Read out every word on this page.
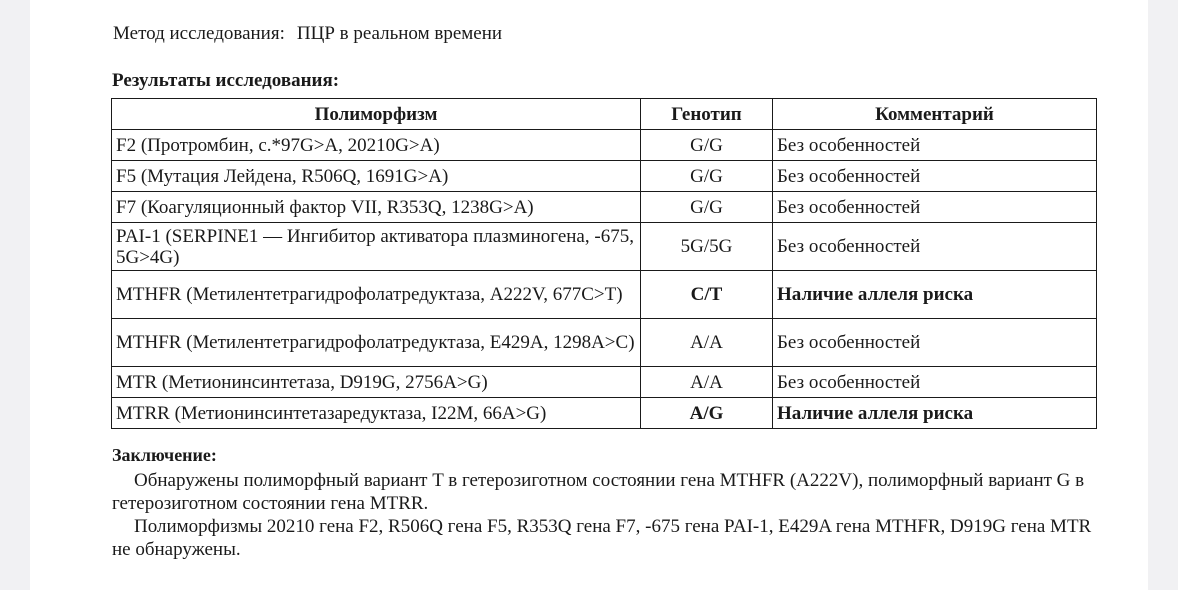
Метод исследования: ПЦР в реальном времени
Результаты исследования:
Полиморфизм	Генотип	Комментарий
F2 (Протромбин, c.*97G>A, 20210G>A)	G/G	Без особенностей
F5 (Мутация Лейдена, R506Q, 1691G>A)	G/G	Без особенностей
F7 (Коагуляционный фактор VII, R353Q, 1238G>A)	G/G	Без особенностей
PAI-1 (SERPINE1 — Ингибитор активатора плазминогена, -675, 5G>4G)	5G/5G	Без особенностей
MTHFR (Метилентетрагидрофолатредуктаза, A222V, 677C>T)	C/T	Наличие аллеля риска
MTHFR (Метилентетрагидрофолатредуктаза, E429A, 1298A>C)	A/A	Без особенностей
MTR (Метионинсинтетаза, D919G, 2756A>G)	A/A	Без особенностей
MTRR (Метионинсинтетазаредуктаза, I22M, 66A>G)	A/G	Наличие аллеля риска
Заключение:

Обнаружены полиморфный вариант T в гетерозиготном состоянии гена MTHFR (A222V), полиморфный вариант G в гетерозиготном состоянии гена MTRR.

Полиморфизмы 20210 гена F2, R506Q гена F5, R353Q гена F7, -675 гена PAI-1, E429A гена MTHFR, D919G гена MTR не обнаружены.
